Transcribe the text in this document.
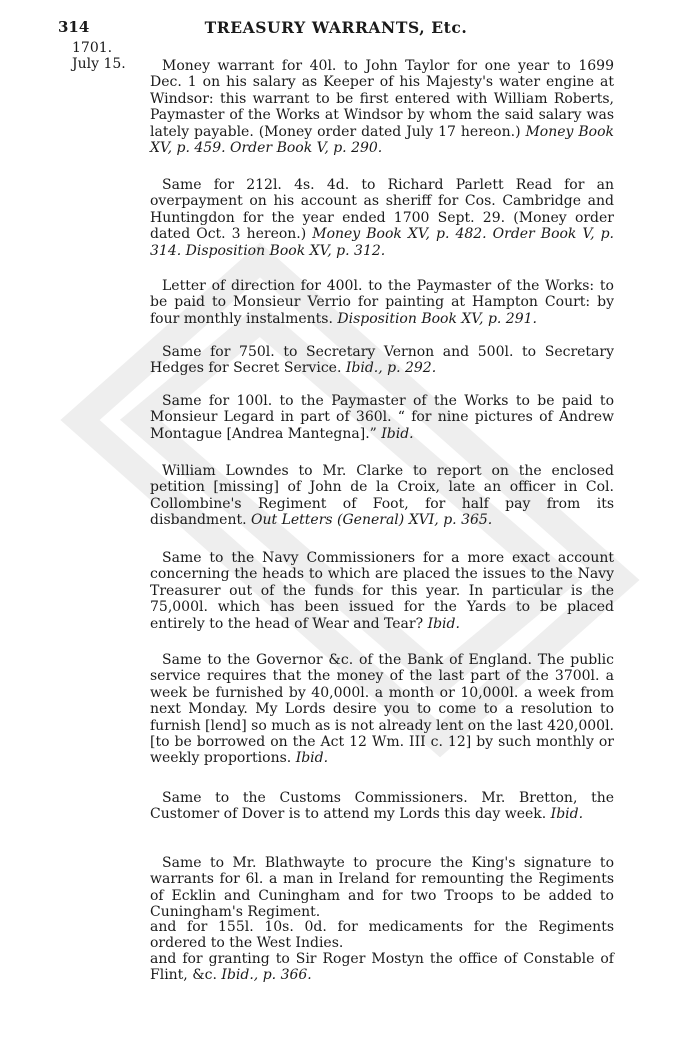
314	TREASURY WARRANTS, Etc.
1701.
July 15.	Money warrant for 40l. to John Taylor for one year to 1699 Dec. 1 on his salary as Keeper of his Majesty's water engine at Windsor: this warrant to be first entered with William Roberts, Paymaster of the Works at Windsor by whom the said salary was lately payable. (Money order dated July 17 hereon.) Money Book XV, p. 459. Order Book V, p. 290.

Same for 212l. 4s. 4d. to Richard Parlett Read for an overpayment on his account as sheriff for Cos. Cambridge and Huntingdon for the year ended 1700 Sept. 29. (Money order dated Oct. 3 hereon.) Money Book XV, p. 482. Order Book V, p. 314. Disposition Book XV, p. 312.

Letter of direction for 400l. to the Paymaster of the Works: to be paid to Monsieur Verrio for painting at Hampton Court: by four monthly instalments. Disposition Book XV, p. 291.

Same for 750l. to Secretary Vernon and 500l. to Secretary Hedges for Secret Service. Ibid., p. 292.

Same for 100l. to the Paymaster of the Works to be paid to Monsieur Legard in part of 360l. “ for nine pictures of Andrew Montague [Andrea Mantegna].” Ibid.

William Lowndes to Mr. Clarke to report on the enclosed petition [missing] of John de la Croix, late an officer in Col. Collombine's Regiment of Foot, for half pay from its disbandment. Out Letters (General) XVI, p. 365.

Same to the Navy Commissioners for a more exact account concerning the heads to which are placed the issues to the Navy Treasurer out of the funds for this year. In particular is the 75,000l. which has been issued for the Yards to be placed entirely to the head of Wear and Tear? Ibid.

Same to the Governor &c. of the Bank of England. The public service requires that the money of the last part of the 3700l. a week be furnished by 40,000l. a month or 10,000l. a week from next Monday. My Lords desire you to come to a resolution to furnish [lend] so much as is not already lent on the last 420,000l. [to be borrowed on the Act 12 Wm. III c. 12] by such monthly or weekly proportions. Ibid.

Same to the Customs Commissioners. Mr. Bretton, the Customer of Dover is to attend my Lords this day week. Ibid.

Same to Mr. Blathwayte to procure the King's signature to warrants for 6l. a man in Ireland for remounting the Regiments of Ecklin and Cuningham and for two Troops to be added to Cuningham's Regiment.

and for 155l. 10s. 0d. for medicaments for the Regiments ordered to the West Indies.

and for granting to Sir Roger Mostyn the office of Constable of Flint, &c. Ibid., p. 366.
